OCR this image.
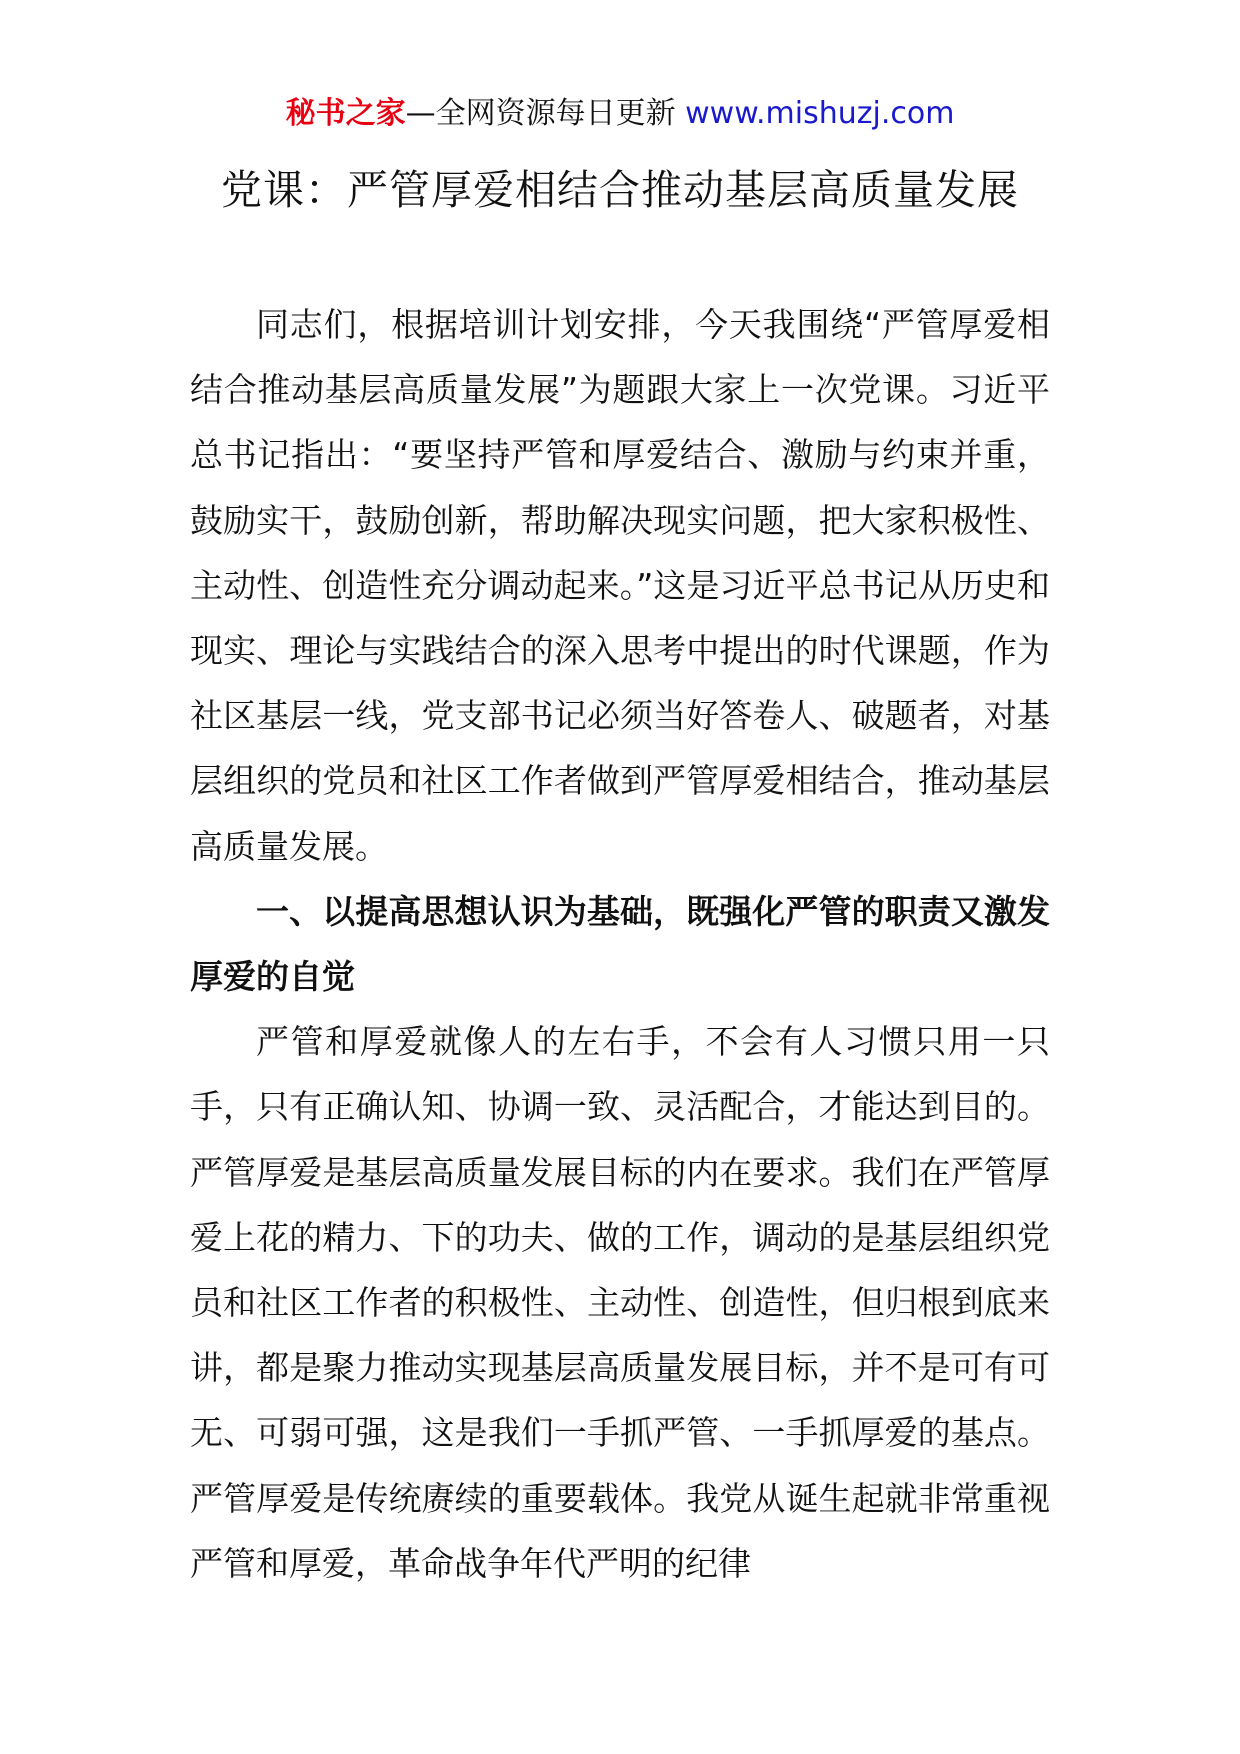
秘书之家—全网资源每日更新 www.mishuzj.com
党课：严管厚爱相结合推动基层高质量发展

同志们，根据培训计划安排，今天我围绕“严管厚爱相结合推动基层高质量发展”为题跟大家上一次党课。习近平总书记指出：“要坚持严管和厚爱结合、激励与约束并重，鼓励实干，鼓励创新，帮助解决现实问题，把大家积极性、主动性、创造性充分调动起来。”这是习近平总书记从历史和现实、理论与实践结合的深入思考中提出的时代课题，作为社区基层一线，党支部书记必须当好答卷人、破题者，对基层组织的党员和社区工作者做到严管厚爱相结合，推动基层高质量发展。

一、以提高思想认识为基础，既强化严管的职责又激发厚爱的自觉

严管和厚爱就像人的左右手，不会有人习惯只用一只手，只有正确认知、协调一致、灵活配合，才能达到目的。严管厚爱是基层高质量发展目标的内在要求。我们在严管厚爱上花的精力、下的功夫、做的工作，调动的是基层组织党员和社区工作者的积极性、主动性、创造性，但归根到底来讲，都是聚力推动实现基层高质量发展目标，并不是可有可无、可弱可强，这是我们一手抓严管、一手抓厚爱的基点。严管厚爱是传统赓续的重要载体。我党从诞生起就非常重视严管和厚爱，革命战争年代严明的纪律
